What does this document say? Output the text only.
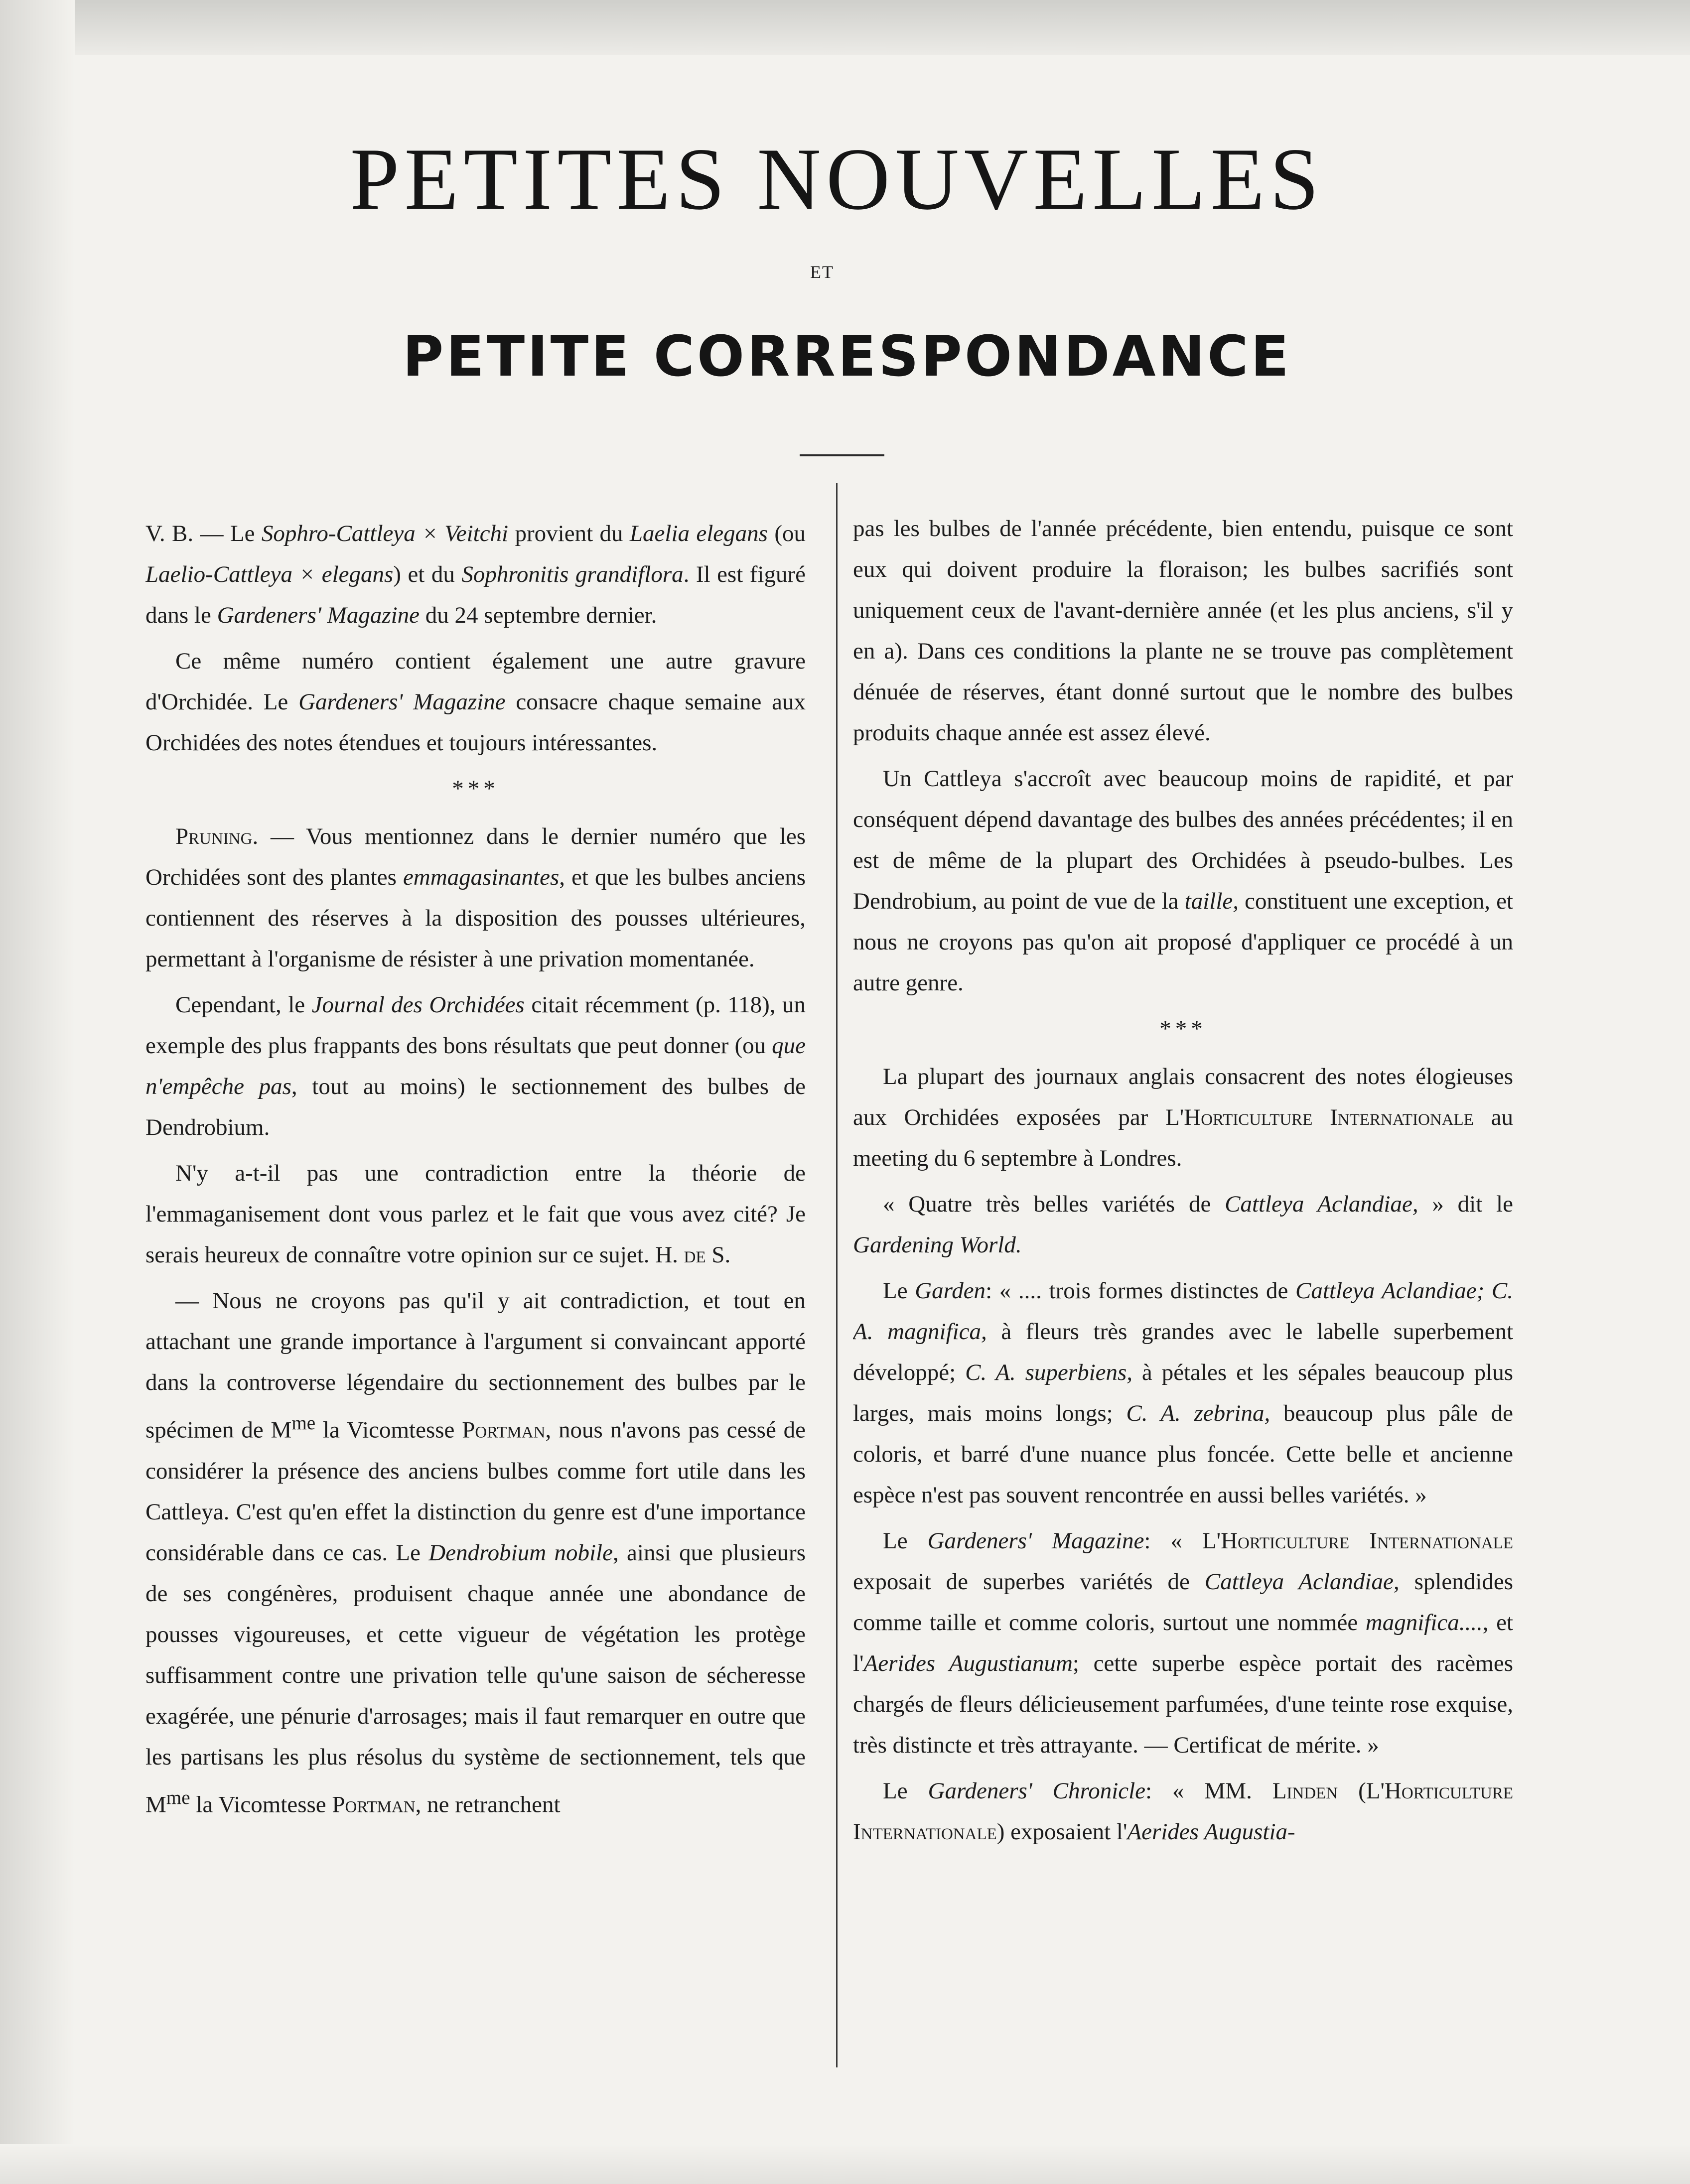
PETITES NOUVELLES
ET
PETITE CORRESPONDANCE

V. B. — Le Sophro-Cattleya × Veitchi provient du Laelia elegans (ou Laelio-Cattleya × elegans) et du Sophronitis grandiflora. Il est figuré dans le Gardeners' Magazine du 24 septembre dernier.

Ce même numéro contient également une autre gravure d'Orchidée. Le Gardeners' Magazine consacre chaque semaine aux Orchidées des notes étendues et toujours intéressantes.

***

Pruning. — Vous mentionnez dans le dernier numéro que les Orchidées sont des plantes emmagasinantes, et que les bulbes anciens contiennent des réserves à la disposition des pousses ultérieures, permettant à l'organisme de résister à une privation momentanée.

Cependant, le Journal des Orchidées citait récemment (p. 118), un exemple des plus frappants des bons résultats que peut donner (ou que n'empêche pas, tout au moins) le sectionnement des bulbes de Dendrobium.

N'y a-t-il pas une contradiction entre la théorie de l'emmaganisement dont vous parlez et le fait que vous avez cité? Je serais heureux de connaître votre opinion sur ce sujet. H. de S.

— Nous ne croyons pas qu'il y ait contradiction, et tout en attachant une grande importance à l'argument si convaincant apporté dans la controverse légendaire du sectionnement des bulbes par le spécimen de $M^{me}$ la Vicomtesse Portman, nous n'avons pas cessé de considérer la présence des anciens bulbes comme fort utile dans les Cattleya. C'est qu'en effet la distinction du genre est d'une importance considérable dans ce cas. Le Dendrobium nobile, ainsi que plusieurs de ses congénères, produisent chaque année une abondance de pousses vigoureuses, et cette vigueur de végétation les protège suffisamment contre une privation telle qu'une saison de sécheresse exagérée, une pénurie d'arrosages; mais il faut remarquer en outre que les partisans les plus résolus du système de sectionnement, tels que $M^{me}$ la Vicomtesse Portman, ne retranchent

pas les bulbes de l'année précédente, bien entendu, puisque ce sont eux qui doivent produire la floraison; les bulbes sacrifiés sont uniquement ceux de l'avant-dernière année (et les plus anciens, s'il y en a). Dans ces conditions la plante ne se trouve pas complètement dénuée de réserves, étant donné surtout que le nombre des bulbes produits chaque année est assez élevé.

Un Cattleya s'accroît avec beaucoup moins de rapidité, et par conséquent dépend davantage des bulbes des années précédentes; il en est de même de la plupart des Orchidées à pseudo-bulbes. Les Dendrobium, au point de vue de la taille, constituent une exception, et nous ne croyons pas qu'on ait proposé d'appliquer ce procédé à un autre genre.

***

La plupart des journaux anglais consacrent des notes élogieuses aux Orchidées exposées par L'Horticulture Internationale au meeting du 6 septembre à Londres.

« Quatre très belles variétés de Cattleya Aclandiae, » dit le Gardening World.

Le Garden: « .... trois formes distinctes de Cattleya Aclandiae; C. A. magnifica, à fleurs très grandes avec le labelle superbement développé; C. A. superbiens, à pétales et les sépales beaucoup plus larges, mais moins longs; C. A. zebrina, beaucoup plus pâle de coloris, et barré d'une nuance plus foncée. Cette belle et ancienne espèce n'est pas souvent rencontrée en aussi belles variétés. »

Le Gardeners' Magazine: « L'Horticulture Internationale exposait de superbes variétés de Cattleya Aclandiae, splendides comme taille et comme coloris, surtout une nommée magnifica...., et l'Aerides Augustianum; cette superbe espèce portait des racèmes chargés de fleurs délicieusement parfumées, d'une teinte rose exquise, très distincte et très attrayante. — Certificat de mérite. »

Le Gardeners' Chronicle: « MM. Linden (L'Horticulture Internationale) exposaient l'Aerides Augustia-
